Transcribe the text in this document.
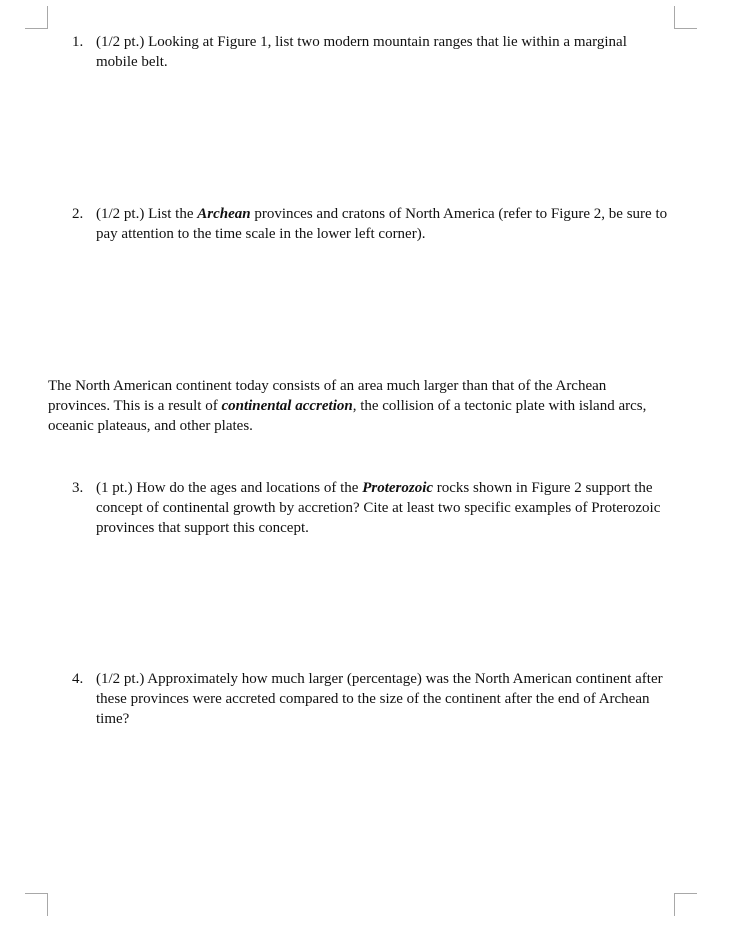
1. (1/2 pt.) Looking at Figure 1, list two modern mountain ranges that lie within a marginal mobile belt.
2. (1/2 pt.) List the Archean provinces and cratons of North America (refer to Figure 2, be sure to pay attention to the time scale in the lower left corner).
The North American continent today consists of an area much larger than that of the Archean provinces. This is a result of continental accretion, the collision of a tectonic plate with island arcs, oceanic plateaus, and other plates.
3. (1 pt.) How do the ages and locations of the Proterozoic rocks shown in Figure 2 support the concept of continental growth by accretion? Cite at least two specific examples of Proterozoic provinces that support this concept.
4. (1/2 pt.) Approximately how much larger (percentage) was the North American continent after these provinces were accreted compared to the size of the continent after the end of Archean time?
